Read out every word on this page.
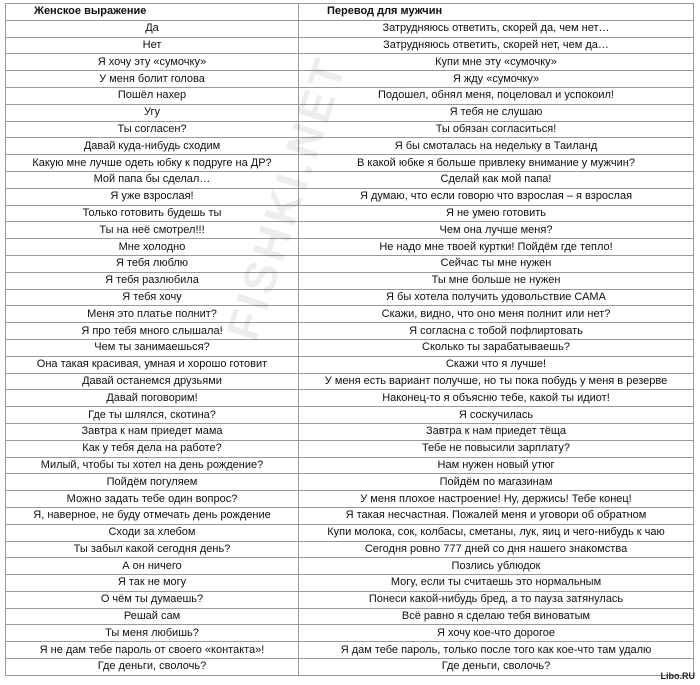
Женское выражение	Перевод для мужчин
Да	Затрудняюсь ответить, скорей да, чем нет…
Нет	Затрудняюсь ответить, скорей нет, чем да…
Я хочу эту «сумочку»	Купи мне эту «сумочку»
У меня болит голова	Я жду «сумочку»
Пошёл нахер	Подошел, обнял меня, поцеловал и успокоил!
Угу	Я тебя не слушаю
Ты согласен?	Ты обязан согласиться!
Давай куда-нибудь сходим	Я бы смоталась на недельку в Таиланд
Какую мне лучше одеть юбку к подруге на ДР?	В какой юбке я больше привлеку внимание у мужчин?
Мой папа бы сделал…	Сделай как мой папа!
Я уже взрослая!	Я думаю, что если говорю что взрослая – я взрослая
Только готовить будешь ты	Я не умею готовить
Ты на неё смотрел!!!	Чем она лучше меня?
Мне холодно	Не надо мне твоей куртки! Пойдём где тепло!
Я тебя люблю	Сейчас ты мне нужен
Я тебя разлюбила	Ты мне больше не нужен
Я тебя хочу	Я бы хотела получить удовольствие САМА
Меня это платье полнит?	Скажи, видно, что оно меня полнит или нет?
Я про тебя много слышала!	Я согласна с тобой пофлиртовать
Чем ты занимаешься?	Сколько ты зарабатываешь?
Она такая красивая, умная и хорошо готовит	Скажи что я лучше!
Давай останемся друзьями	У меня есть вариант получше, но ты пока побудь у меня в резерве
Давай поговорим!	Наконец-то я объясню тебе, какой ты идиот!
Где ты шлялся, скотина?	Я соскучилась
Завтра к нам приедет мама	Завтра к нам приедет тёща
Как у тебя дела на работе?	Тебе не повысили зарплату?
Милый, чтобы ты хотел на день рождение?	Нам нужен новый утюг
Пойдём погуляем	Пойдём по магазинам
Можно задать тебе один вопрос?	У меня плохое настроение! Ну, держись! Тебе конец!
Я, наверное, не буду отмечать день рождение	Я такая несчастная. Пожалей меня и уговори об обратном
Сходи за хлебом	Купи молока, сок, колбасы, сметаны, лук, яиц и чего-нибудь к чаю
Ты забыл какой сегодня день?	Сегодня ровно 777 дней со дня нашего знакомства
А он ничего	Позлись ублюдок
Я так не могу	Могу, если ты считаешь это нормальным
О чём ты думаешь?	Понеси какой-нибудь бред, а то пауза затянулась
Решай сам	Всё равно я сделаю тебя виноватым
Ты меня любишь?	Я хочу кое-что дорогое
Я не дам тебе пароль от своего «контакта»!	Я дам тебе пароль, только после того как кое-что там удалю
Где деньги, сволочь?	Где деньги, сволочь?
FISHKI.NET
Libo.RU
